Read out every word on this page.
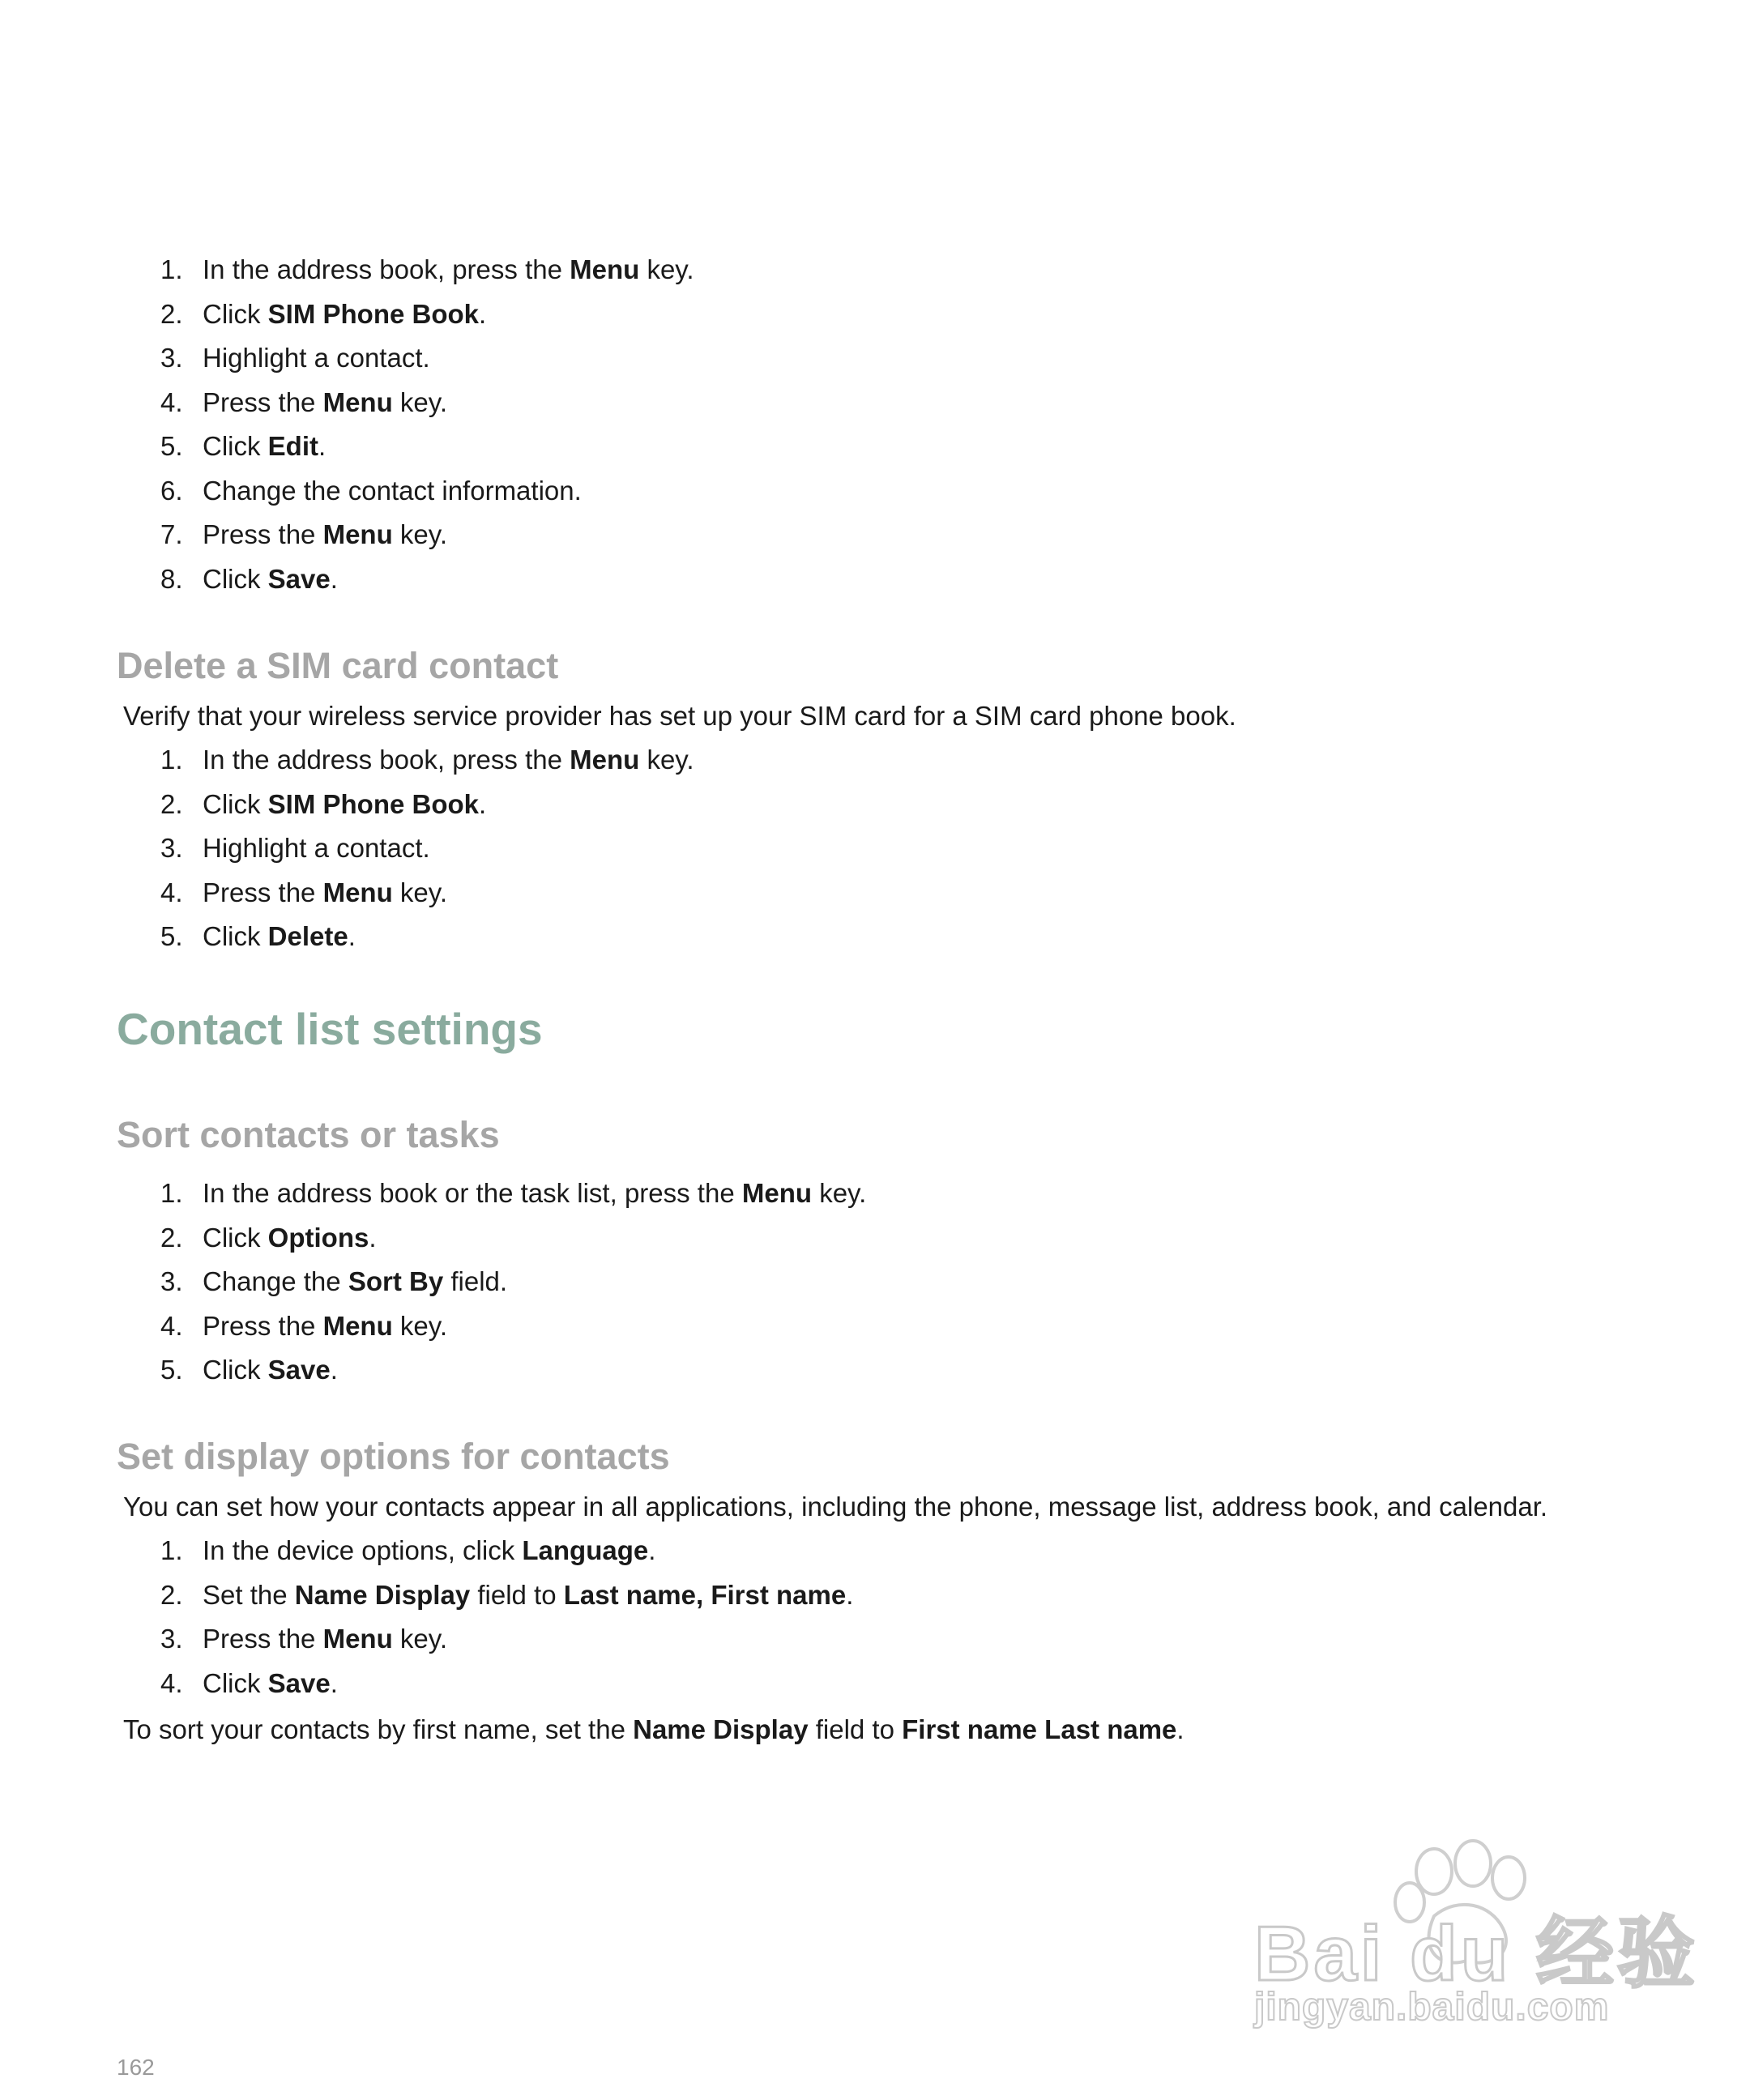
1. In the address book, press the Menu key.
2. Click SIM Phone Book.
3. Highlight a contact.
4. Press the Menu key.
5. Click Edit.
6. Change the contact information.
7. Press the Menu key.
8. Click Save.
Delete a SIM card contact
Verify that your wireless service provider has set up your SIM card for a SIM card phone book.
1. In the address book, press the Menu key.
2. Click SIM Phone Book.
3. Highlight a contact.
4. Press the Menu key.
5. Click Delete.
Contact list settings
Sort contacts or tasks
1. In the address book or the task list, press the Menu key.
2. Click Options.
3. Change the Sort By field.
4. Press the Menu key.
5. Click Save.
Set display options for contacts
You can set how your contacts appear in all applications, including the phone, message list, address book, and calendar.
1. In the device options, click Language.
2. Set the Name Display field to Last name, First name.
3. Press the Menu key.
4. Click Save.
To sort your contacts by first name, set the Name Display field to First name Last name.
Bai du 经验
jingyan.baidu.com
162
